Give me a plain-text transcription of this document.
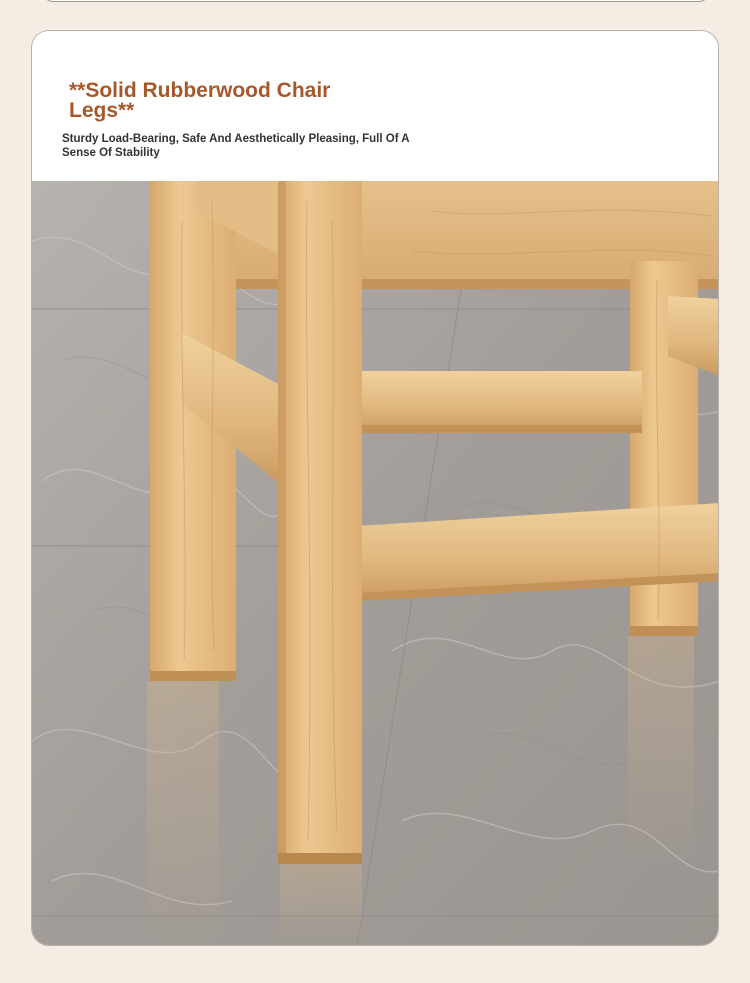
**Solid Rubberwood Chair Legs**

Sturdy Load-Bearing, Safe And Aesthetically Pleasing, Full Of A Sense Of Stability
